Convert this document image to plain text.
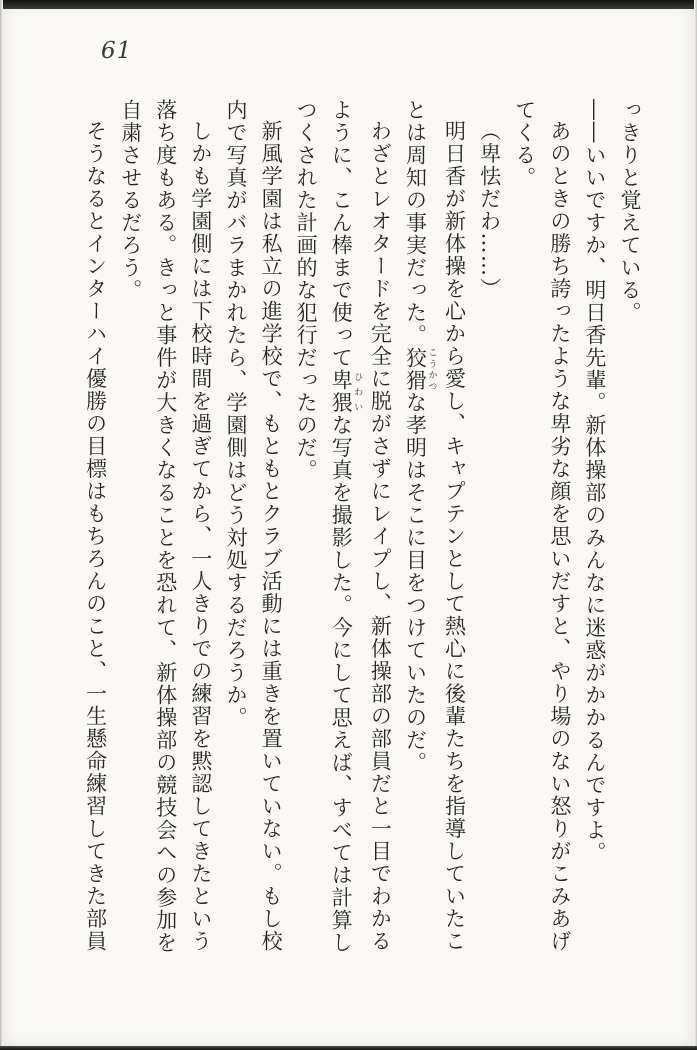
61
っきりと覚えている。
――いいですか、明日香先輩。新体操部のみんなに迷惑がかかるんですよ。
あのときの勝ち誇ったような卑劣な顔を思いだすと、やり場のない怒りがこみあげ
てくる。
（卑怯だわ……）
明日香が新体操を心から愛し、キャプテンとして熱心に後輩たちを指導していたこ
とは周知の事実だった。狡猾 こうかつな孝明はそこに目をつけていたのだ。
わざとレオタードを完全に脱がさずにレイプし、新体操部の部員だと一目でわかる
ように、こん棒まで使って卑猥 ひわいな写真を撮影した。今にして思えば、すべては計算し
つくされた計画的な犯行だったのだ。
新風学園は私立の進学校で、もともとクラブ活動には重きを置いていない。もし校
内で写真がバラまかれたら、学園側はどう対処するだろうか。
しかも学園側には下校時間を過ぎてから、一人きりでの練習を黙認してきたという
落ち度もある。きっと事件が大きくなることを恐れて、新体操部の競技会への参加を
自粛させるだろう。
そうなるとインターハイ優勝の目標はもちろんのこと、一生懸命練習してきた部員
